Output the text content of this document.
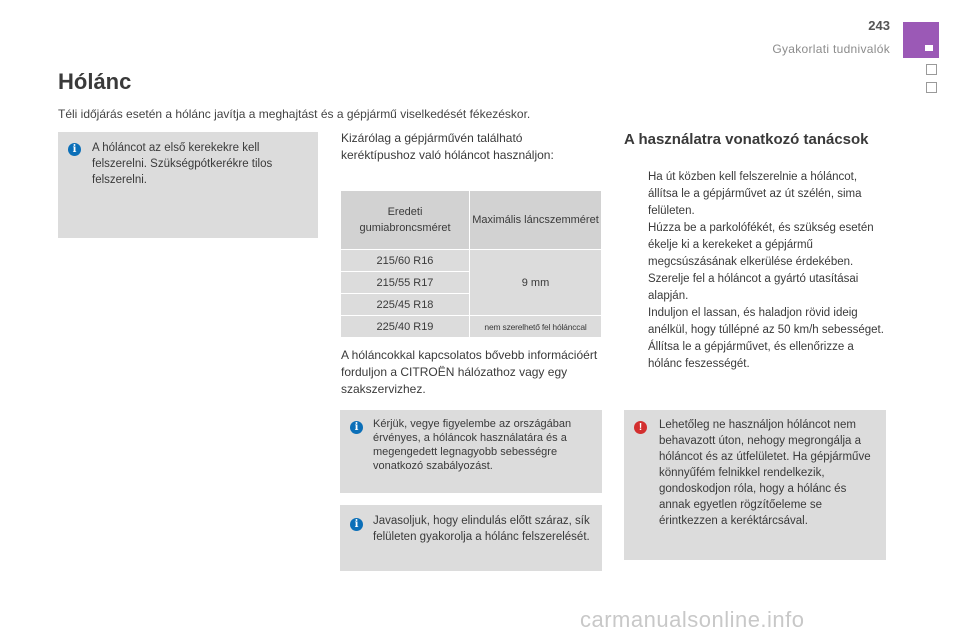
243
Gyakorlati tudnivalók
Hólánc
Téli időjárás esetén a hólánc javítja a meghajtást és a gépjármű viselkedését fékezéskor.
i	A hóláncot az első kerekekre kell felszerelni. Szükségpótkerékre tilos felszerelni.
Kizárólag a gépjárművén található keréktípushoz való hóláncot használjon:
Eredeti gumiabroncsméret	Maximális láncszemméret
215/60 R16	9 mm
215/55 R17	
225/45 R18	
225/40 R19	nem szerelhető fel hólánccal
A hóláncokkal kapcsolatos bővebb információért forduljon a CITROËN hálózathoz vagy egy szakszervizhez.
i	Kérjük, vegye figyelembe az országában érvényes, a hóláncok használatára és a megengedett legnagyobb sebességre vonatkozó szabályozást.
i	Javasoljuk, hogy elindulás előtt száraz, sík felületen gyakorolja a hólánc felszerelését.
A használatra vonatkozó tanácsok
Ha út közben kell felszerelnie a hóláncot, állítsa le a gépjárművet az út szélén, sima felületen.
Húzza be a parkolófékét, és szükség esetén ékelje ki a kerekeket a gépjármű megcsúszásának elkerülése érdekében.
Szerelje fel a hóláncot a gyártó utasításai alapján.
Induljon el lassan, és haladjon rövid ideig anélkül, hogy túllépné az 50 km/h sebességet.
Állítsa le a gépjárművet, és ellenőrizze a hólánc feszességét.
!	Lehetőleg ne használjon hóláncot nem behavazott úton, nehogy megrongálja a hóláncot és az útfelületet. Ha gépjárműve könnyűfém felnikkel rendelkezik, gondoskodjon róla, hogy a hólánc és annak egyetlen rögzítőeleme se érintkezzen a keréktárcsával.
carmanualsonline.info
